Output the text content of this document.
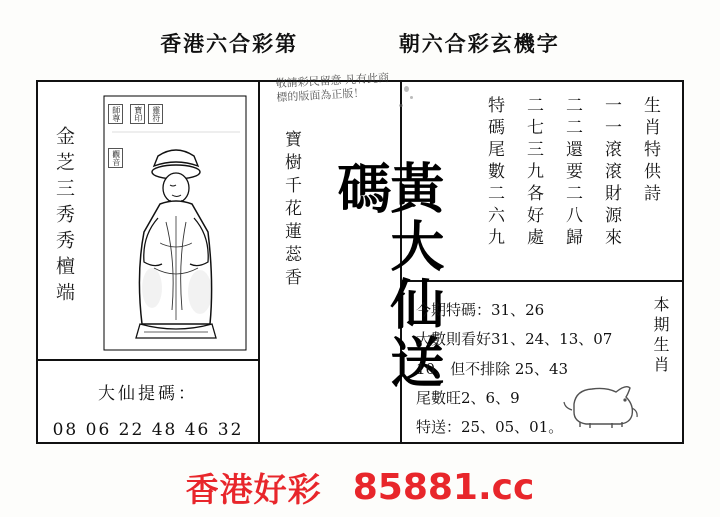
香港六合彩第	朝六合彩玄機字
金芝三秀秀檀端
師尊
觀音
寶印	靈符
大仙提碼：
08 06 22 48 46 32
寶樹千花蓮蕊香	黃大仙送碼	生肖特供詩
一一滾滾財源來
二二還要二八歸
二七三九各好處
特碼尾數二六九
今期特碼：31、26
大數則看好31、24、13、07
10，但不排除 25、43
尾數旺2、6、9
特送：25、05、01。
本期生肖
敬請彩民留意 凡有此商標的版面為正版！
香港好彩 85881.cc
